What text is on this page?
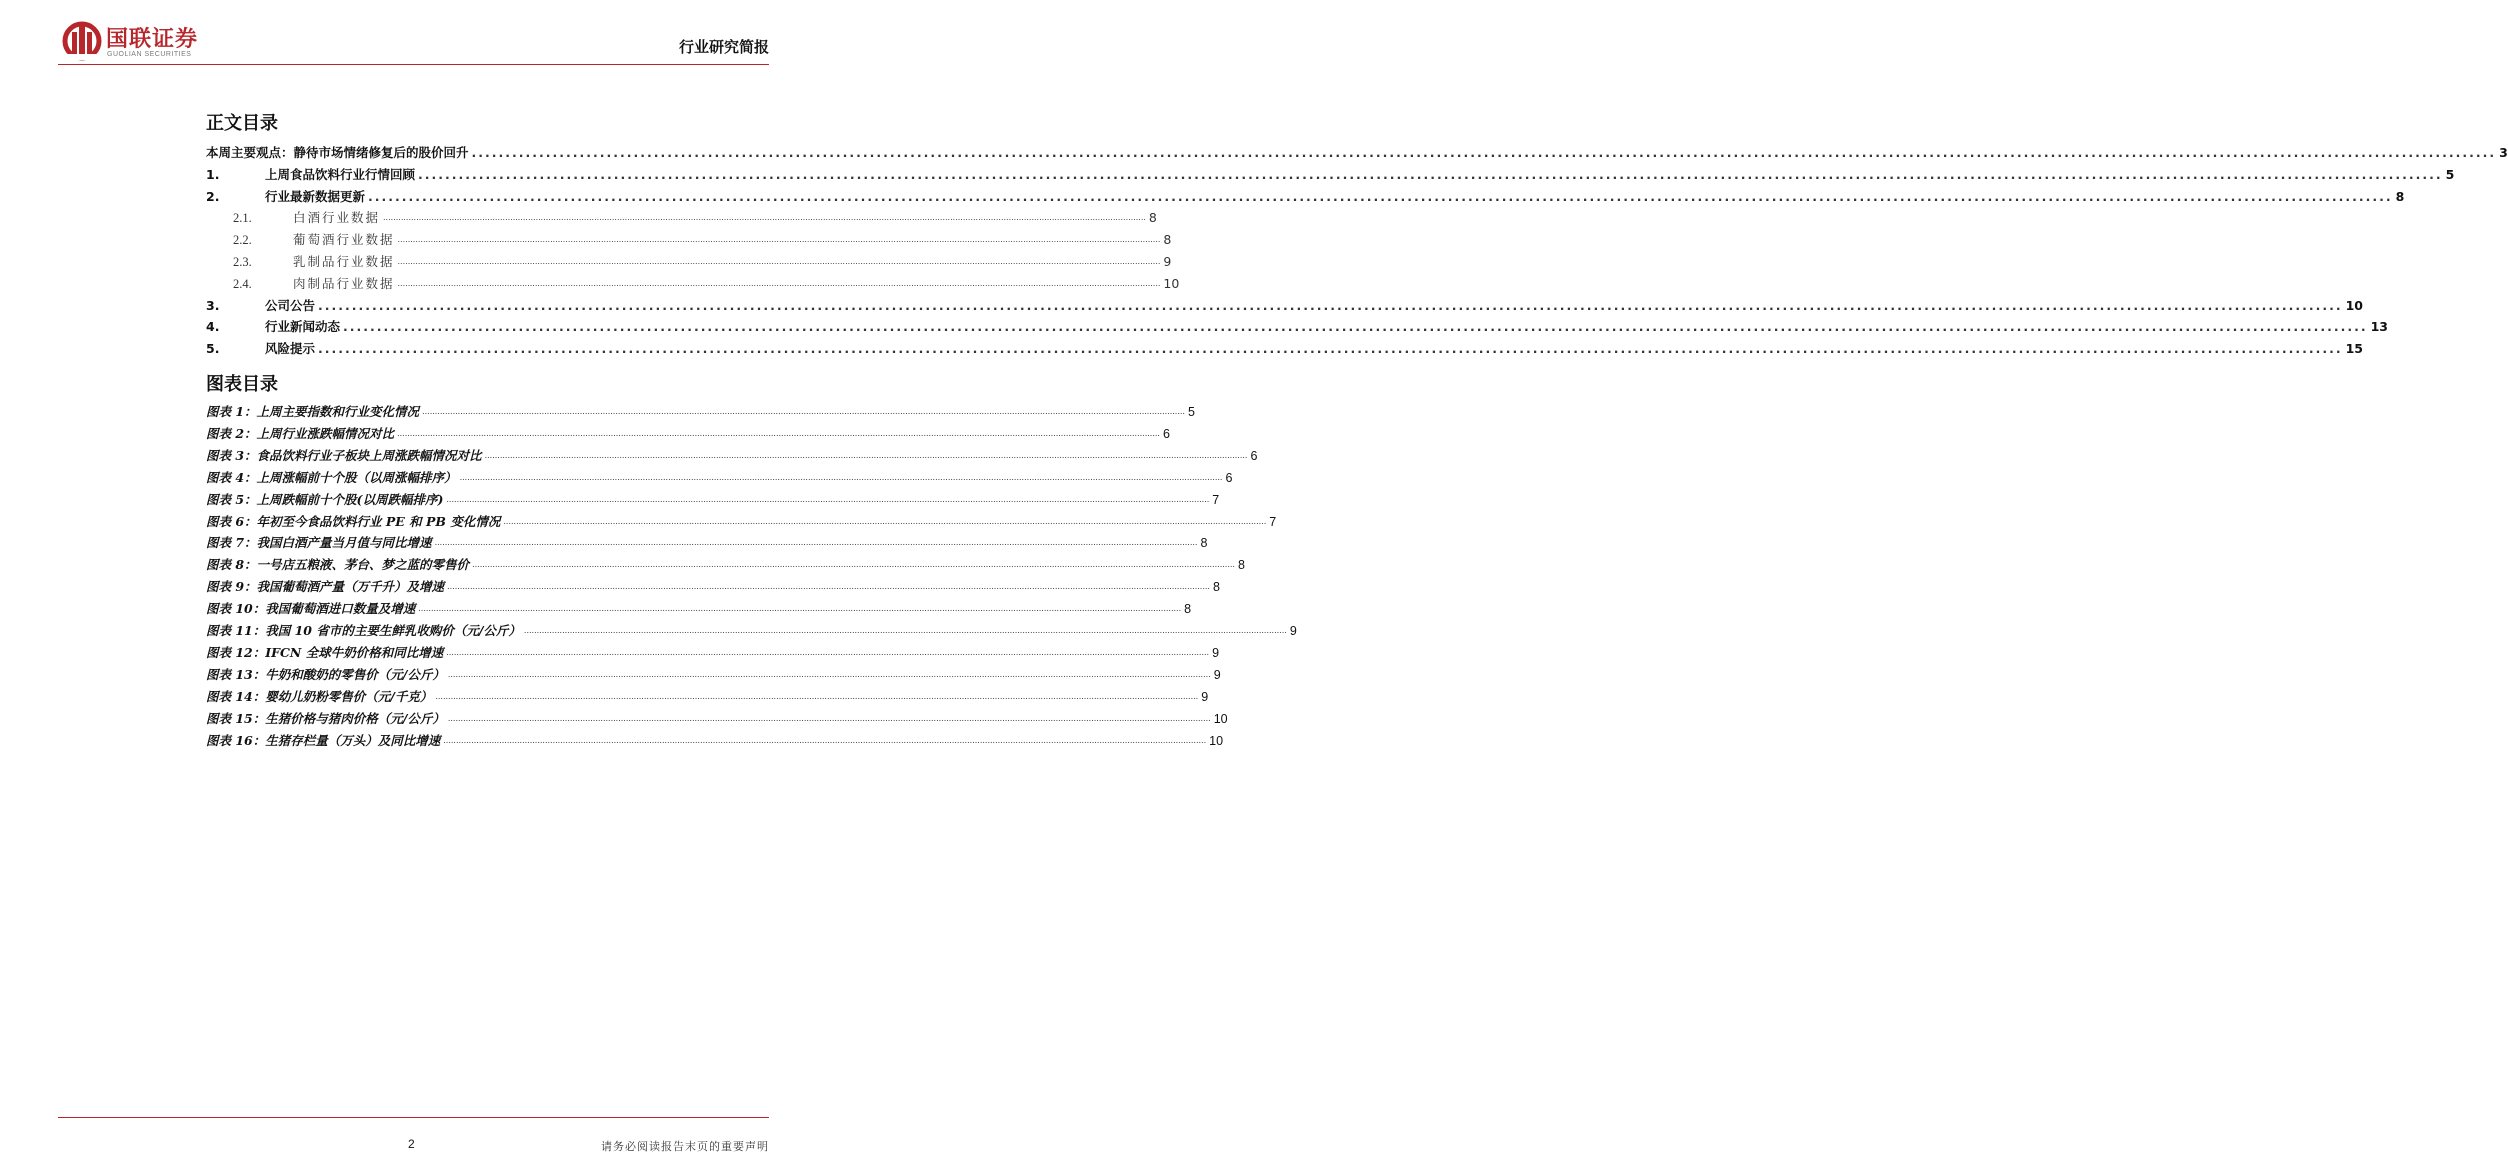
国联证券
GUOLIAN SECURITIES	行业研究简报
正文目录
本周主要观点：静待市场情绪修复后的股价回升 ............................................................................................................................................................................................................................................................................................................ 3
1.	上周食品饮料行业行情回顾 ............................................................................................................................................................................................................................................................................................................ 5
2.	行业最新数据更新 ............................................................................................................................................................................................................................................................................................................ 8
2.1.	白酒行业数据 ............................................................................................................................................................................................................................................................................................................ 8
2.2.	葡萄酒行业数据 ............................................................................................................................................................................................................................................................................................................ 8
2.3.	乳制品行业数据 ............................................................................................................................................................................................................................................................................................................ 9
2.4.	肉制品行业数据 ............................................................................................................................................................................................................................................................................................................ 10
3.	公司公告 ............................................................................................................................................................................................................................................................................................................ 10
4.	行业新闻动态 ............................................................................................................................................................................................................................................................................................................ 13
5.	风险提示 ............................................................................................................................................................................................................................................................................................................ 15
图表目录
图表 1：上周主要指数和行业变化情况 ............................................................................................................................................................................................................................................................................................................ 5
图表 2：上周行业涨跌幅情况对比 ............................................................................................................................................................................................................................................................................................................ 6
图表 3：食品饮料行业子板块上周涨跌幅情况对比 ............................................................................................................................................................................................................................................................................................................ 6
图表 4：上周涨幅前十个股（以周涨幅排序） ............................................................................................................................................................................................................................................................................................................ 6
图表 5：上周跌幅前十个股(以周跌幅排序) ............................................................................................................................................................................................................................................................................................................ 7
图表 6：年初至今食品饮料行业 PE 和 PB 变化情况 ............................................................................................................................................................................................................................................................................................................ 7
图表 7：我国白酒产量当月值与同比增速 ............................................................................................................................................................................................................................................................................................................ 8
图表 8：一号店五粮液、茅台、梦之蓝的零售价 ............................................................................................................................................................................................................................................................................................................ 8
图表 9：我国葡萄酒产量（万千升）及增速 ............................................................................................................................................................................................................................................................................................................ 8
图表 10：我国葡萄酒进口数量及增速 ............................................................................................................................................................................................................................................................................................................ 8
图表 11：我国 10 省市的主要生鲜乳收购价（元/公斤） ............................................................................................................................................................................................................................................................................................................ 9
图表 12：IFCN 全球牛奶价格和同比增速 ............................................................................................................................................................................................................................................................................................................ 9
图表 13：牛奶和酸奶的零售价（元/公斤） ............................................................................................................................................................................................................................................................................................................ 9
图表 14：婴幼儿奶粉零售价（元/千克） ............................................................................................................................................................................................................................................................................................................ 9
图表 15：生猪价格与猪肉价格（元/公斤） ............................................................................................................................................................................................................................................................................................................ 10
图表 16：生猪存栏量（万头）及同比增速 ............................................................................................................................................................................................................................................................................................................ 10
2	请务必阅读报告末页的重要声明
